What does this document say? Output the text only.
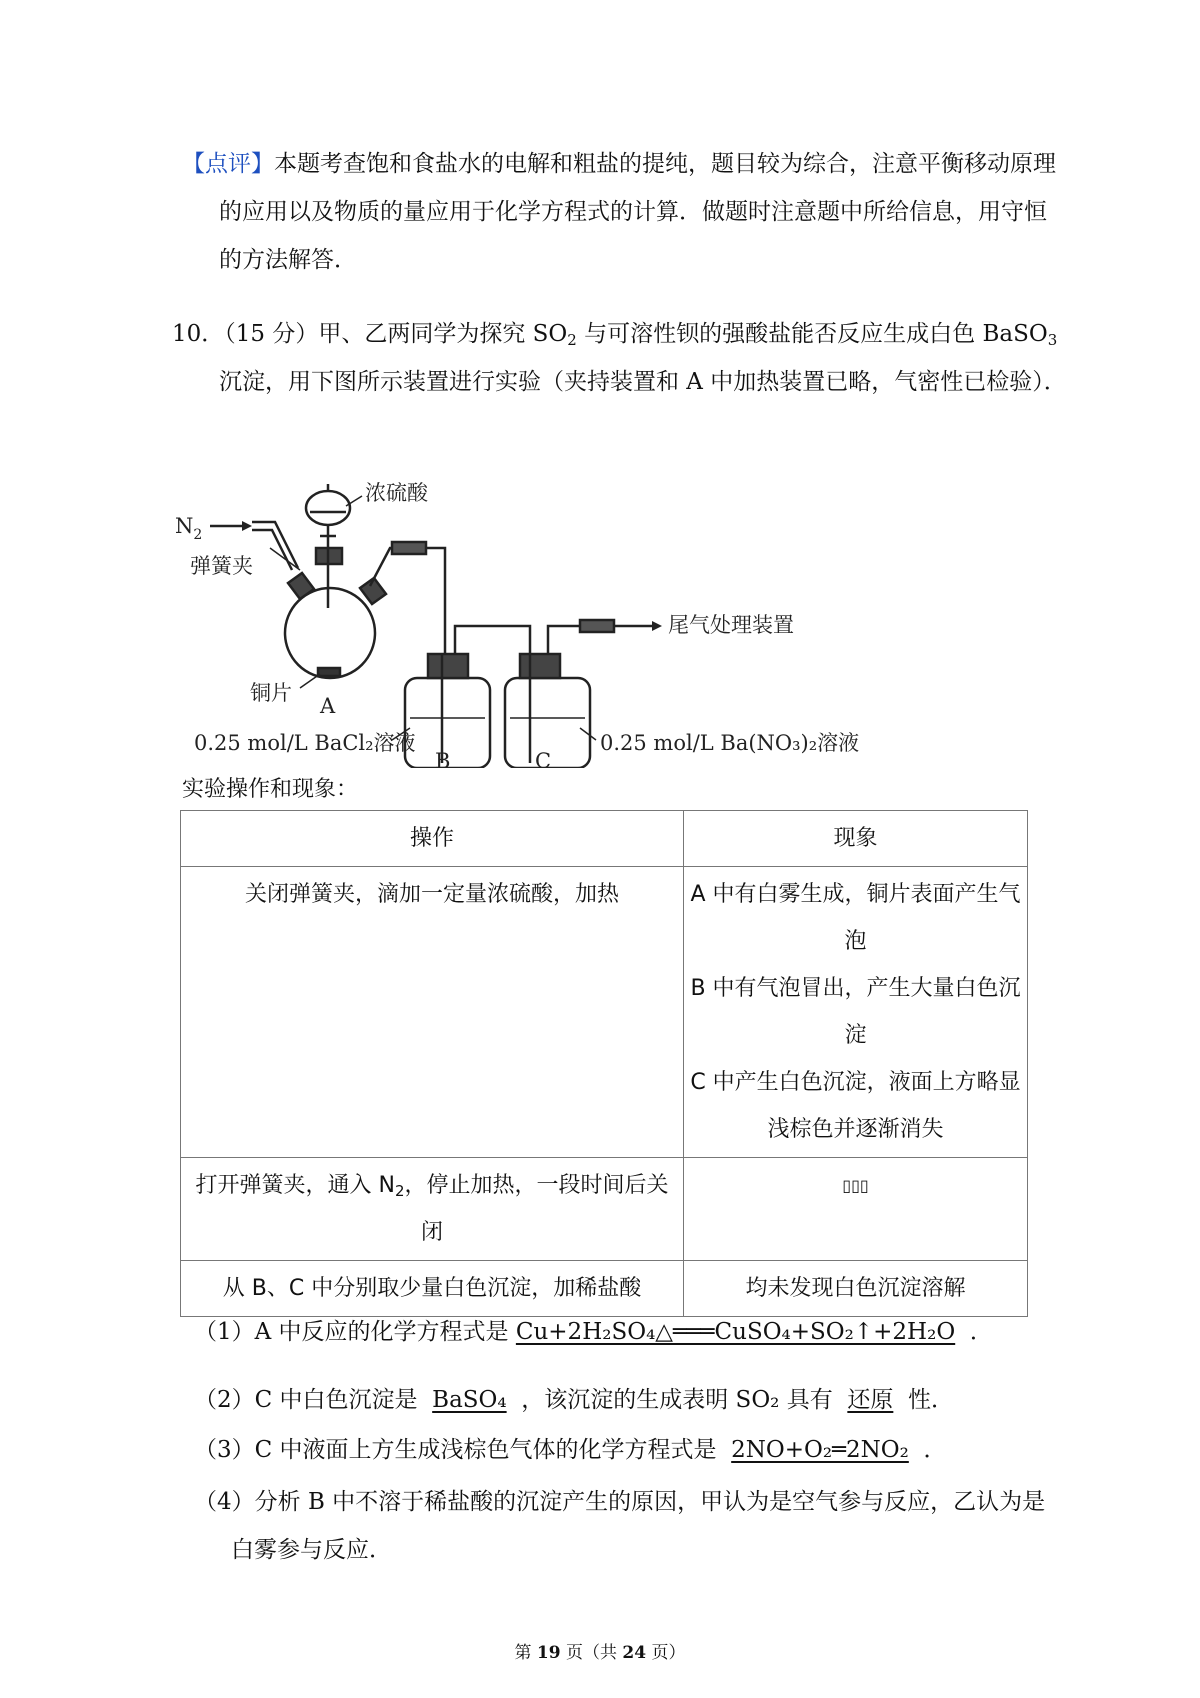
【点评】本题考查饱和食盐水的电解和粗盐的提纯，题目较为综合，注意平衡移动原理的应用以及物质的量应用于化学方程式的计算．做题时注意题中所给信息，用守恒的方法解答．
10．（15 分）甲、乙两同学为探究 $SO_2$ 与可溶性钡的强酸盐能否反应生成白色 BaSO$_3$ 沉淀，用下图所示装置进行实验（夹持装置和 A 中加热装置已略，气密性已检验）．
$N_2$
弹簧夹
浓硫酸
铜片
A
B	C
尾气处理装置
0.25 mol/L BaCl₂溶液	0.25 mol/L Ba(NO₃)₂溶液
实验操作和现象：
操作	现象
关闭弹簧夹，滴加一定量浓硫酸，加热	A 中有白雾生成，铜片表面产生气泡
B 中有气泡冒出，产生大量白色沉淀
C 中产生白色沉淀，液面上方略显浅棕色并逐渐消失

打开弹簧夹，通入 $N_2$，停止加热，一段时间后关闭	▯▯▯
从 B、C 中分别取少量白色沉淀，加稀盐酸	均未发现白色沉淀溶解
（1）A 中反应的化学方程式是 Cu+2H₂SO₄△═══CuSO₄+SO₂↑+2H₂O ．
（2）C 中白色沉淀是 BaSO₄ ，该沉淀的生成表明 SO₂ 具有 还原 性．
（3）C 中液面上方生成浅棕色气体的化学方程式是 2NO+O₂═2NO₂ ．
（4）分析 B 中不溶于稀盐酸的沉淀产生的原因，甲认为是空气参与反应，乙认为是白雾参与反应．
第 19 页（共 24 页）
